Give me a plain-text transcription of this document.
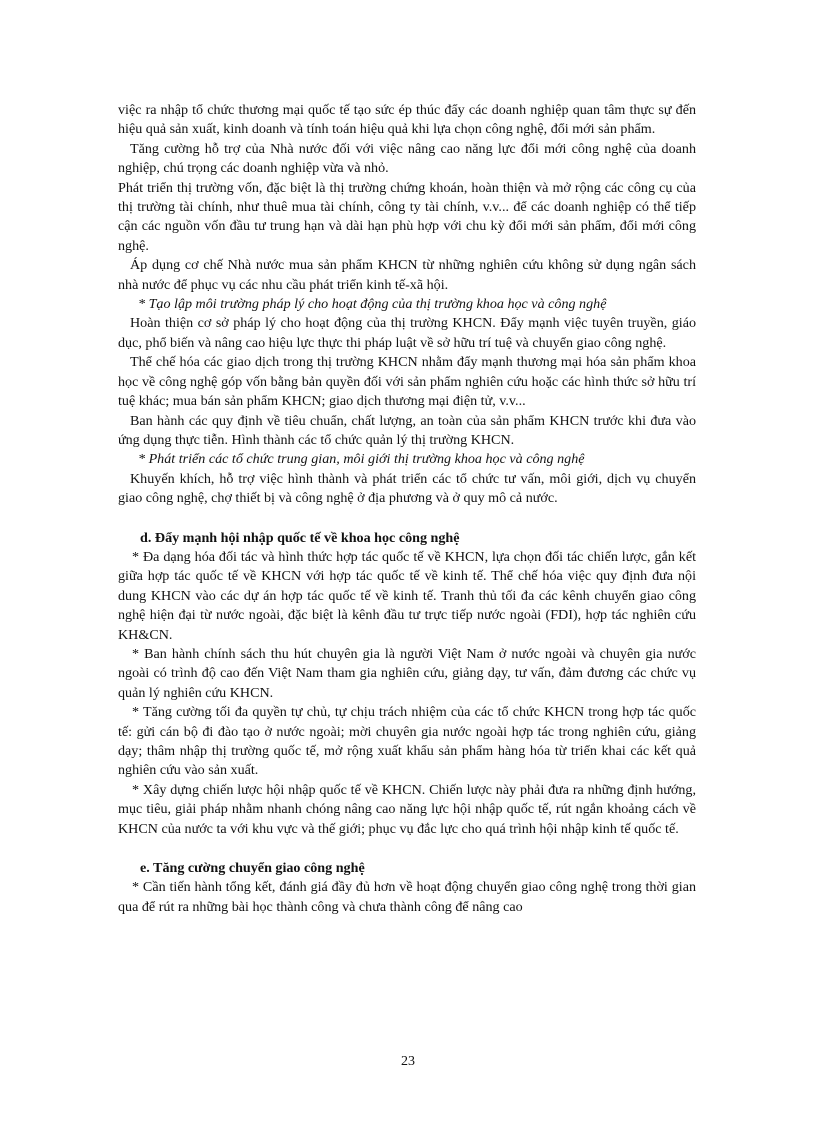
việc ra nhập tổ chức thương mại quốc tế tạo sức ép thúc đẩy các doanh nghiệp quan tâm thực sự đến hiệu quả sản xuất, kinh doanh và tính toán hiệu quả khi lựa chọn công nghệ, đổi mới sản phẩm.

Tăng cường hỗ trợ của Nhà nước đối với việc nâng cao năng lực đổi mới công nghệ của doanh nghiệp, chú trọng các doanh nghiệp vừa và nhỏ.

Phát triển thị trường vốn, đặc biệt là thị trường chứng khoán, hoàn thiện và mở rộng các công cụ của thị trường tài chính, như thuê mua tài chính, công ty tài chính, v.v... để các doanh nghiệp có thể tiếp cận các nguồn vốn đầu tư trung hạn và dài hạn phù hợp với chu kỳ đổi mới sản phẩm, đổi mới công nghệ.

Áp dụng cơ chế Nhà nước mua sản phẩm KHCN từ những nghiên cứu không sử dụng ngân sách nhà nước để phục vụ các nhu cầu phát triển kinh tế-xã hội.

* Tạo lập môi trường pháp lý cho hoạt động của thị trường khoa học và công nghệ

Hoàn thiện cơ sở pháp lý cho hoạt động của thị trường KHCN. Đẩy mạnh việc tuyên truyền, giáo dục, phổ biến và nâng cao hiệu lực thực thi pháp luật về sở hữu trí tuệ và chuyển giao công nghệ.

Thể chế hóa các giao dịch trong thị trường KHCN nhằm đẩy mạnh thương mại hóa sản phẩm khoa học về công nghệ góp vốn bằng bản quyền đối với sản phẩm nghiên cứu hoặc các hình thức sở hữu trí tuệ khác; mua bán sản phẩm KHCN; giao dịch thương mại điện tử, v.v...

Ban hành các quy định về tiêu chuẩn, chất lượng, an toàn của sản phẩm KHCN trước khi đưa vào ứng dụng thực tiễn. Hình thành các tổ chức quản lý thị trường KHCN.

* Phát triển các tổ chức trung gian, môi giới thị trường khoa học và công nghệ

Khuyến khích, hỗ trợ việc hình thành và phát triển các tổ chức tư vấn, môi giới, dịch vụ chuyển giao công nghệ, chợ thiết bị và công nghệ ở địa phương và ở quy mô cả nước.

d. Đẩy mạnh hội nhập quốc tế về khoa học công nghệ

* Đa dạng hóa đối tác và hình thức hợp tác quốc tế về KHCN, lựa chọn đối tác chiến lược, gắn kết giữa hợp tác quốc tế về KHCN với hợp tác quốc tế về kinh tế. Thể chế hóa việc quy định đưa nội dung KHCN vào các dự án hợp tác quốc tế về kinh tế. Tranh thủ tối đa các kênh chuyển giao công nghệ hiện đại từ nước ngoài, đặc biệt là kênh đầu tư trực tiếp nước ngoài (FDI), hợp tác nghiên cứu KH&CN.

* Ban hành chính sách thu hút chuyên gia là người Việt Nam ở nước ngoài và chuyên gia nước ngoài có trình độ cao đến Việt Nam tham gia nghiên cứu, giảng dạy, tư vấn, đảm đương các chức vụ quản lý nghiên cứu KHCN.

* Tăng cường tối đa quyền tự chủ, tự chịu trách nhiệm của các tổ chức KHCN trong hợp tác quốc tế: gửi cán bộ đi đào tạo ở nước ngoài; mời chuyên gia nước ngoài hợp tác trong nghiên cứu, giảng dạy; thâm nhập thị trường quốc tế, mở rộng xuất khẩu sản phẩm hàng hóa từ triển khai các kết quả nghiên cứu vào sản xuất.

* Xây dựng chiến lược hội nhập quốc tế về KHCN. Chiến lược này phải đưa ra những định hướng, mục tiêu, giải pháp nhằm nhanh chóng nâng cao năng lực hội nhập quốc tế, rút ngắn khoảng cách về KHCN của nước ta với khu vực và thế giới; phục vụ đắc lực cho quá trình hội nhập kinh tế quốc tế.

e. Tăng cường chuyển giao công nghệ

* Cần tiến hành tổng kết, đánh giá đầy đủ hơn về hoạt động chuyển giao công nghệ trong thời gian qua để rút ra những bài học thành công và chưa thành công để nâng cao

23
